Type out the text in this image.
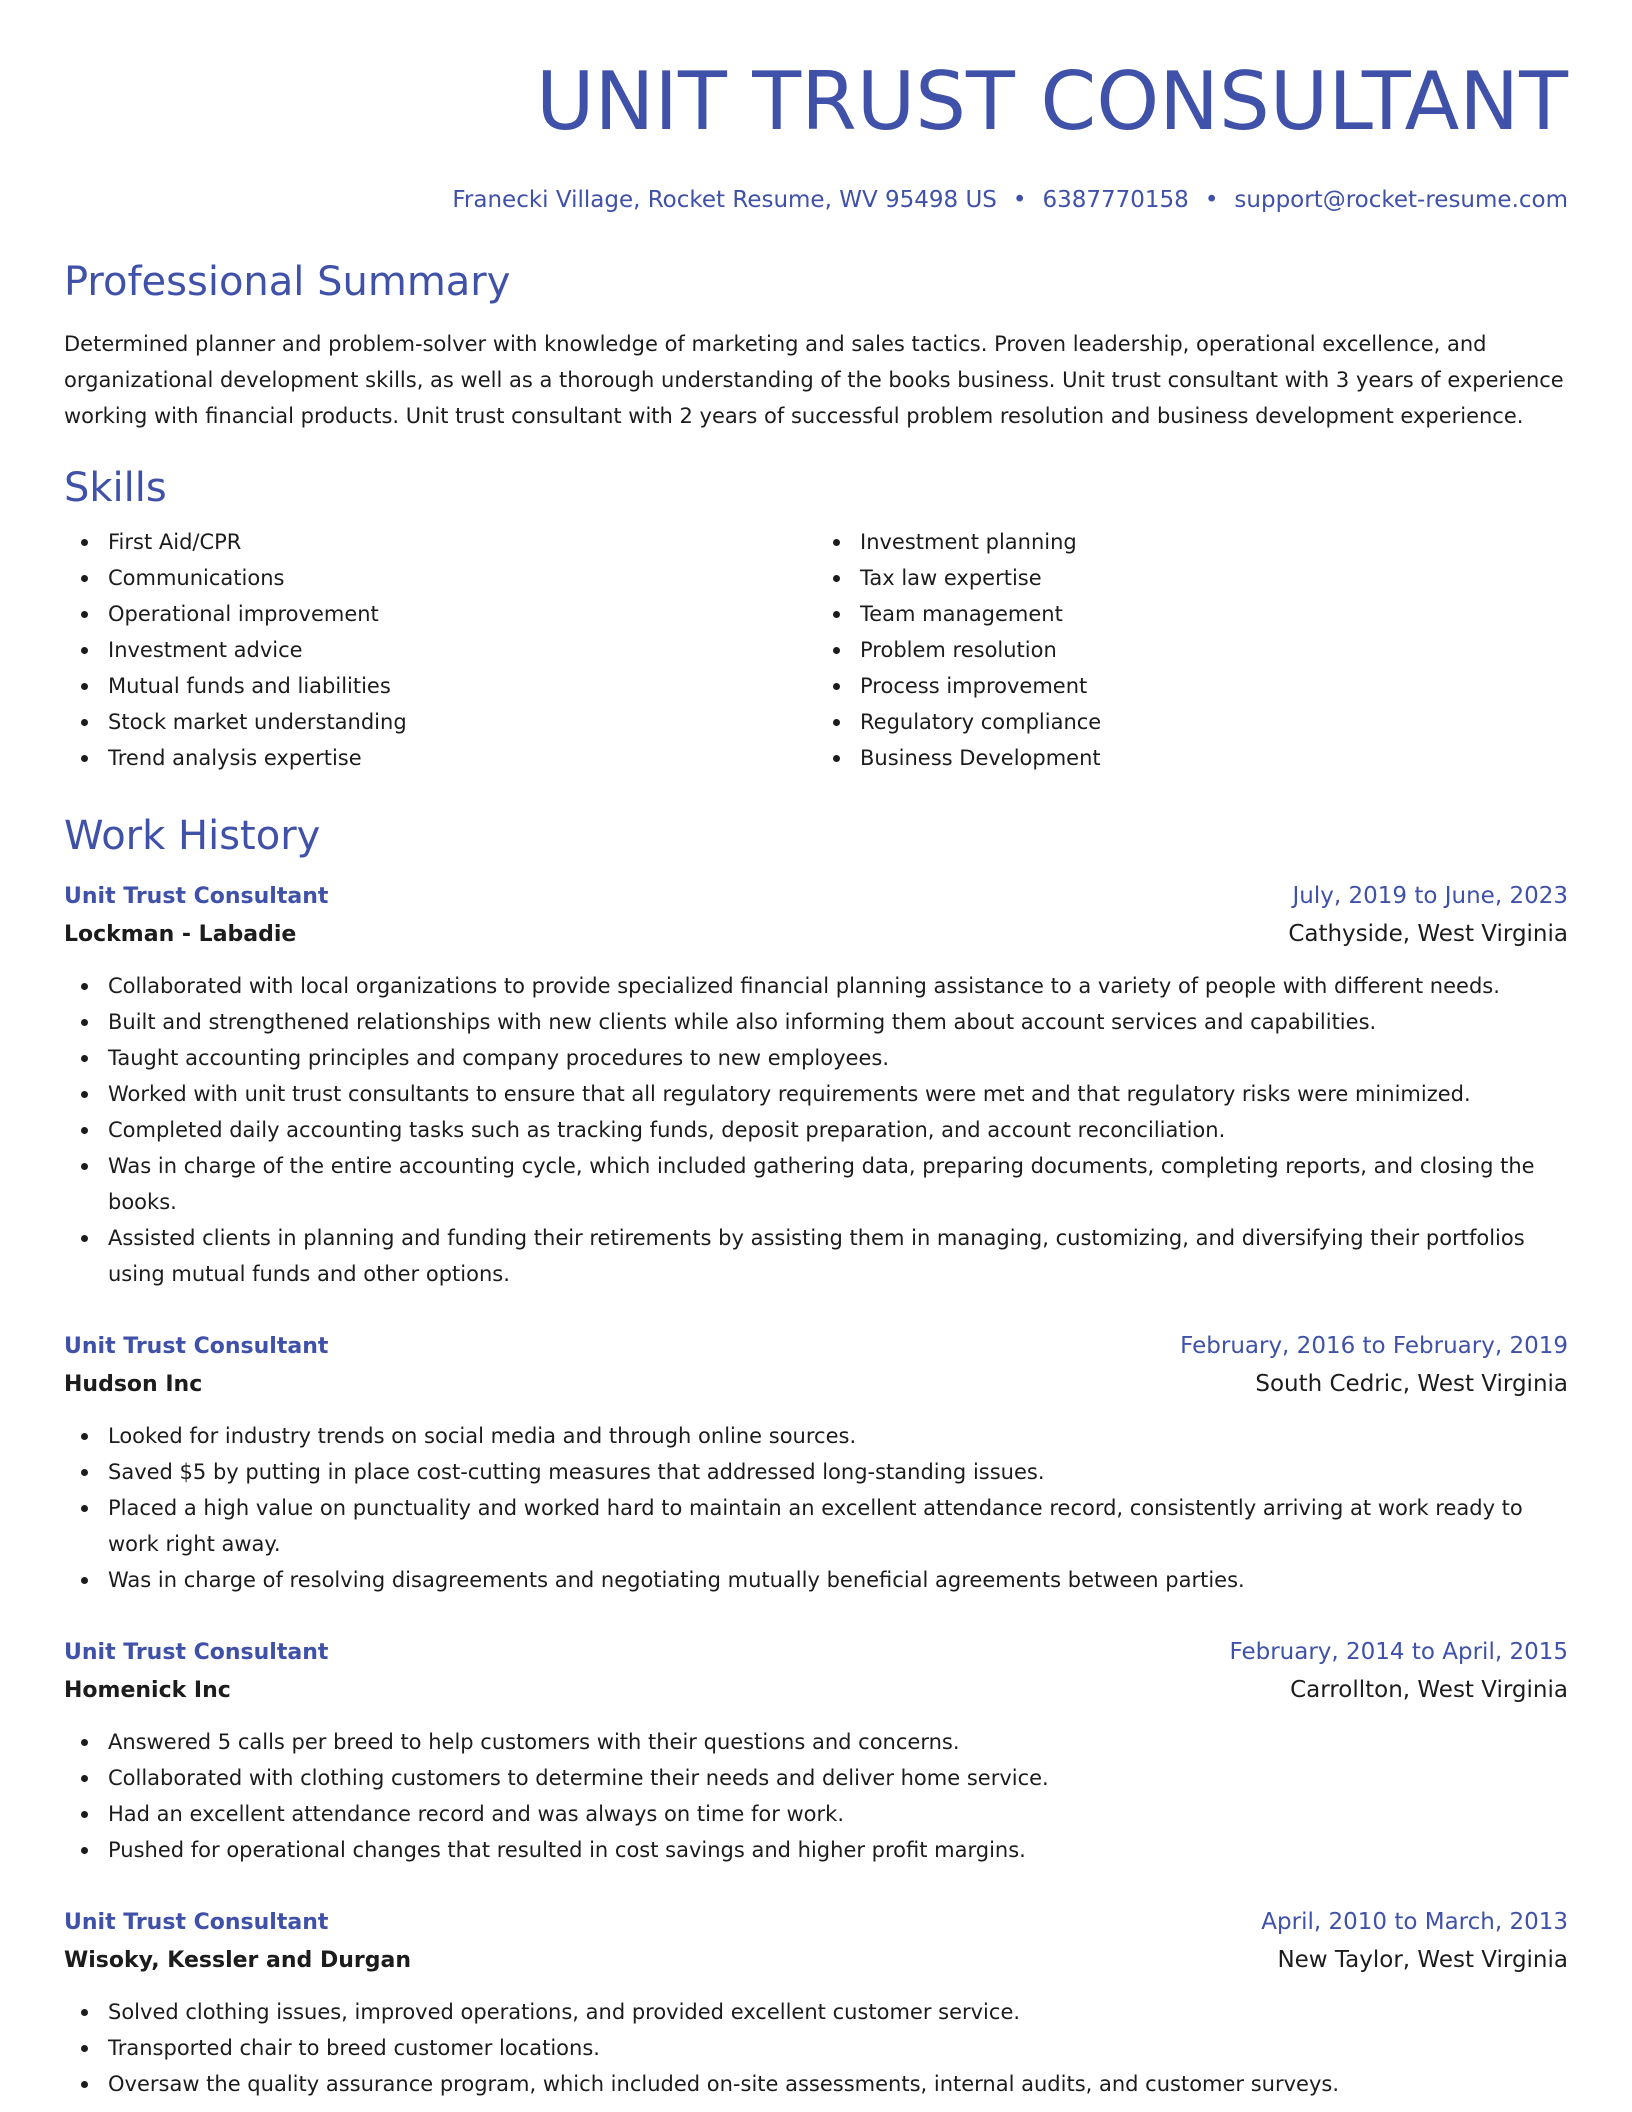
UNIT TRUST CONSULTANT
Franecki Village, Rocket Resume, WV 95498 US • 6387770158 • support@rocket-resume.com
Professional Summary
Determined planner and problem-solver with knowledge of marketing and sales tactics. Proven leadership, operational excellence, and organizational development skills, as well as a thorough understanding of the books business. Unit trust consultant with 3 years of experience working with financial products. Unit trust consultant with 2 years of successful problem resolution and business development experience.
Skills
First Aid/CPR
Communications
Operational improvement
Investment advice
Mutual funds and liabilities
Stock market understanding
Trend analysis expertise
Investment planning
Tax law expertise
Team management
Problem resolution
Process improvement
Regulatory compliance
Business Development
Work History
Unit Trust Consultant	July, 2019 to June, 2023
Lockman - Labadie	Cathyside, West Virginia
Collaborated with local organizations to provide specialized financial planning assistance to a variety of people with different needs.
Built and strengthened relationships with new clients while also informing them about account services and capabilities.
Taught accounting principles and company procedures to new employees.
Worked with unit trust consultants to ensure that all regulatory requirements were met and that regulatory risks were minimized.
Completed daily accounting tasks such as tracking funds, deposit preparation, and account reconciliation.
Was in charge of the entire accounting cycle, which included gathering data, preparing documents, completing reports, and closing the books.
Assisted clients in planning and funding their retirements by assisting them in managing, customizing, and diversifying their portfolios using mutual funds and other options.
Unit Trust Consultant	February, 2016 to February, 2019
Hudson Inc	South Cedric, West Virginia
Looked for industry trends on social media and through online sources.
Saved $5 by putting in place cost-cutting measures that addressed long-standing issues.
Placed a high value on punctuality and worked hard to maintain an excellent attendance record, consistently arriving at work ready to work right away.
Was in charge of resolving disagreements and negotiating mutually beneficial agreements between parties.
Unit Trust Consultant	February, 2014 to April, 2015
Homenick Inc	Carrollton, West Virginia
Answered 5 calls per breed to help customers with their questions and concerns.
Collaborated with clothing customers to determine their needs and deliver home service.
Had an excellent attendance record and was always on time for work.
Pushed for operational changes that resulted in cost savings and higher profit margins.
Unit Trust Consultant	April, 2010 to March, 2013
Wisoky, Kessler and Durgan	New Taylor, West Virginia
Solved clothing issues, improved operations, and provided excellent customer service.
Transported chair to breed customer locations.
Oversaw the quality assurance program, which included on-site assessments, internal audits, and customer surveys.
